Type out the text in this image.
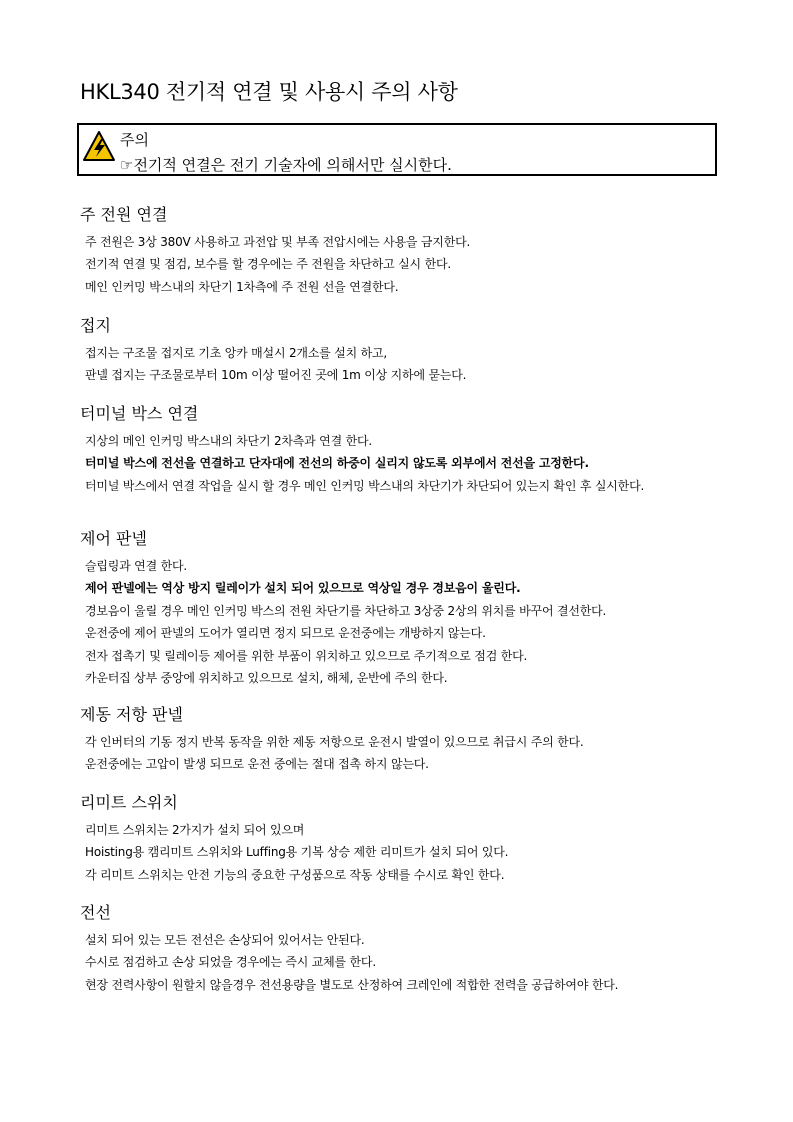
HKL340 전기적 연결 및 사용시 주의 사항
주의
☞전기적 연결은 전기 기술자에 의해서만 실시한다.
주 전원 연결
주 전원은 3상 380V 사용하고 과전압 및 부족 전압시에는 사용을 금지한다.
전기적 연결 및 점검, 보수를 할 경우에는 주 전원을 차단하고 실시 한다.
메인 인커밍 박스내의 차단기 1차측에 주 전원 선을 연결한다.
접지
접지는 구조물 접지로 기초 앙카 매설시 2개소를 설치 하고,
판넬 접지는 구조물로부터 10m 이상 떨어진 곳에 1m 이상 지하에 묻는다.
터미널 박스 연결
지상의 메인 인커밍 박스내의 차단기 2차측과 연결 한다.
터미널 박스에 전선을 연결하고 단자대에 전선의 하중이 실리지 않도록 외부에서 전선을 고정한다.
터미널 박스에서 연결 작업을 실시 할 경우 메인 인커밍 박스내의 차단기가 차단되어 있는지 확인 후 실시한다.
제어 판넬
슬립링과 연결 한다.
제어 판넬에는 역상 방지 릴레이가 설치 되어 있으므로 역상일 경우 경보음이 울린다.
경보음이 울릴 경우 메인 인커밍 박스의 전원 차단기를 차단하고 3상중 2상의 위치를 바꾸어 결선한다.
운전중에 제어 판넬의 도어가 열리면 정지 되므로 운전중에는 개방하지 않는다.
전자 접촉기 및 릴레이등 제어를 위한 부품이 위치하고 있으므로 주기적으로 점검 한다.
카운터집 상부 중앙에 위치하고 있으므로 설치, 해체, 운반에 주의 한다.
제동 저항 판넬
각 인버터의 기동 정지 반복 동작을 위한 제동 저항으로 운전시 발열이 있으므로 취급시 주의 한다.
운전중에는 고압이 발생 되므로 운전 중에는 절대 접촉 하지 않는다.
리미트 스위치
리미트 스위치는 2가지가 설치 되어 있으며
Hoisting용 캠리미트 스위치와 Luffing용 기복 상승 제한 리미트가 설치 되어 있다.
각 리미트 스위치는 안전 기능의 중요한 구성품으로 작동 상태를 수시로 확인 한다.
전선
설치 되어 있는 모든 전선은 손상되어 있어서는 안된다.
수시로 점검하고 손상 되었을 경우에는 즉시 교체를 한다.
현장 전력사항이 원할치 않을경우 전선용량을 별도로 산정하여 크레인에 적합한 전력을 공급하여야 한다.
